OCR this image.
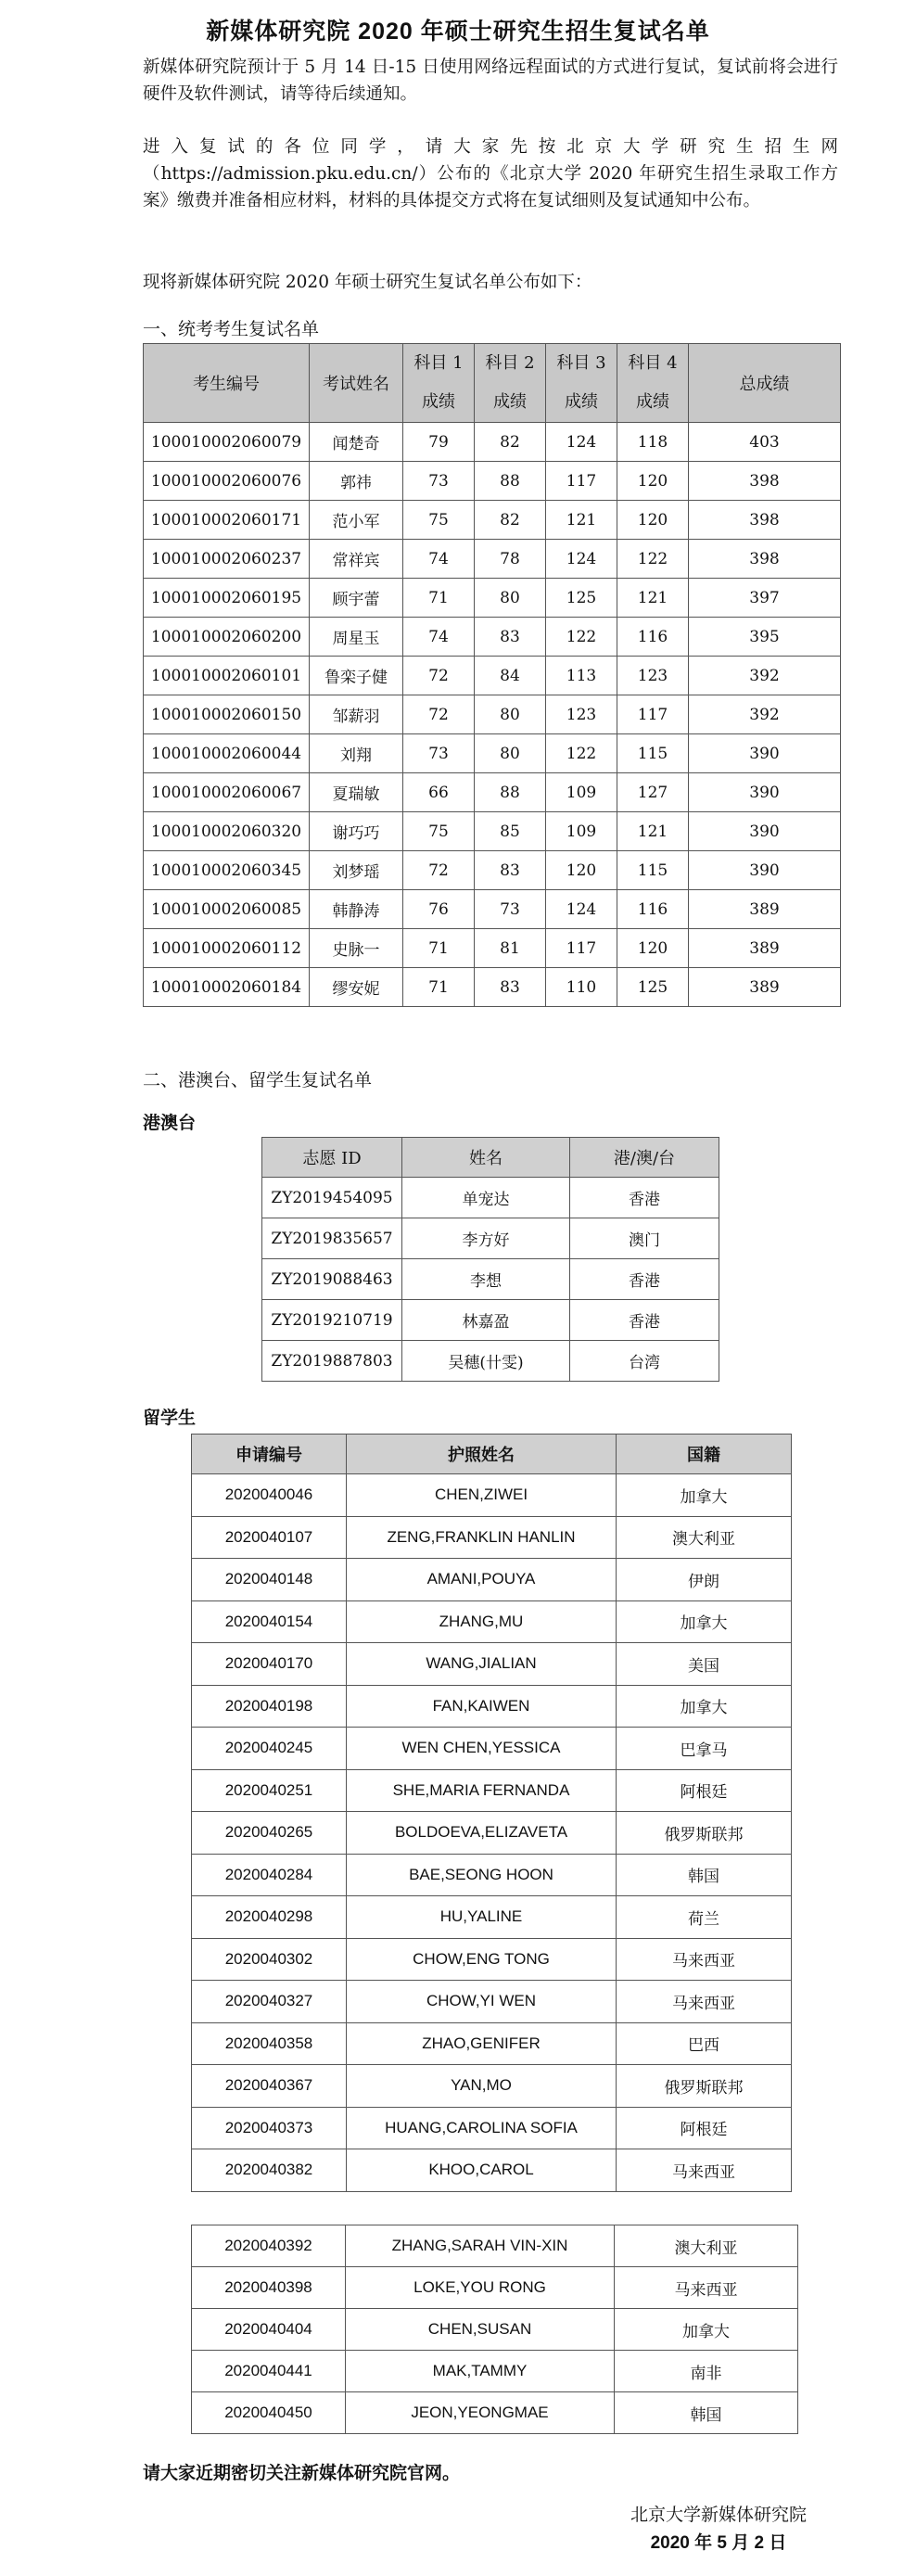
新媒体研究院 2020 年硕士研究生招生复试名单
新媒体研究院预计于 5 月 14 日-15 日使用网络远程面试的方式进行复试，复试前将会进行硬件及软件测试，请等待后续通知。
进入复试的各位同学，请大家先按北京大学研究生招生网（https://admission.pku.edu.cn/）公布的《北京大学 2020 年研究生招生录取工作方案》缴费并准备相应材料，材料的具体提交方式将在复试细则及复试通知中公布。
现将新媒体研究院 2020 年硕士研究生复试名单公布如下：
一、统考考生复试名单
考生编号	考试姓名	科目 1 成绩	科目 2 成绩	科目 3 成绩	科目 4 成绩	总成绩
100010002060079	闻楚奇	79	82	124	118	403
100010002060076	郭祎	73	88	117	120	398
100010002060171	范小军	75	82	121	120	398
100010002060237	常祥宾	74	78	124	122	398
100010002060195	顾宇蕾	71	80	125	121	397
100010002060200	周星玉	74	83	122	116	395
100010002060101	鲁栾子健	72	84	113	123	392
100010002060150	邹薪羽	72	80	123	117	392
100010002060044	刘翔	73	80	122	115	390
100010002060067	夏瑞敏	66	88	109	127	390
100010002060320	谢巧巧	75	85	109	121	390
100010002060345	刘梦瑶	72	83	120	115	390
100010002060085	韩静涛	76	73	124	116	389
100010002060112	史脉一	71	81	117	120	389
100010002060184	缪安妮	71	83	110	125	389
二、港澳台、留学生复试名单
港澳台
志愿 ID	姓名	港/澳/台
ZY2019454095	单宠达	香港
ZY2019835657	李方好	澳门
ZY2019088463	李想	香港
ZY2019210719	林嘉盈	香港
ZY2019887803	吴穗(卄雯)	台湾
留学生
申请编号	护照姓名	国籍
2020040046	CHEN,ZIWEI	加拿大
2020040107	ZENG,FRANKLIN HANLIN	澳大利亚
2020040148	AMANI,POUYA	伊朗
2020040154	ZHANG,MU	加拿大
2020040170	WANG,JIALIAN	美国
2020040198	FAN,KAIWEN	加拿大
2020040245	WEN CHEN,YESSICA	巴拿马
2020040251	SHE,MARIA FERNANDA	阿根廷
2020040265	BOLDOEVA,ELIZAVETA	俄罗斯联邦
2020040284	BAE,SEONG HOON	韩国
2020040298	HU,YALINE	荷兰
2020040302	CHOW,ENG TONG	马来西亚
2020040327	CHOW,YI WEN	马来西亚
2020040358	ZHAO,GENIFER	巴西
2020040367	YAN,MO	俄罗斯联邦
2020040373	HUANG,CAROLINA SOFIA	阿根廷
2020040382	KHOO,CAROL	马来西亚
2020040392	ZHANG,SARAH VIN-XIN	澳大利亚
2020040398	LOKE,YOU RONG	马来西亚
2020040404	CHEN,SUSAN	加拿大
2020040441	MAK,TAMMY	南非
2020040450	JEON,YEONGMAE	韩国
请大家近期密切关注新媒体研究院官网。
北京大学新媒体研究院
2020 年 5 月 2 日
